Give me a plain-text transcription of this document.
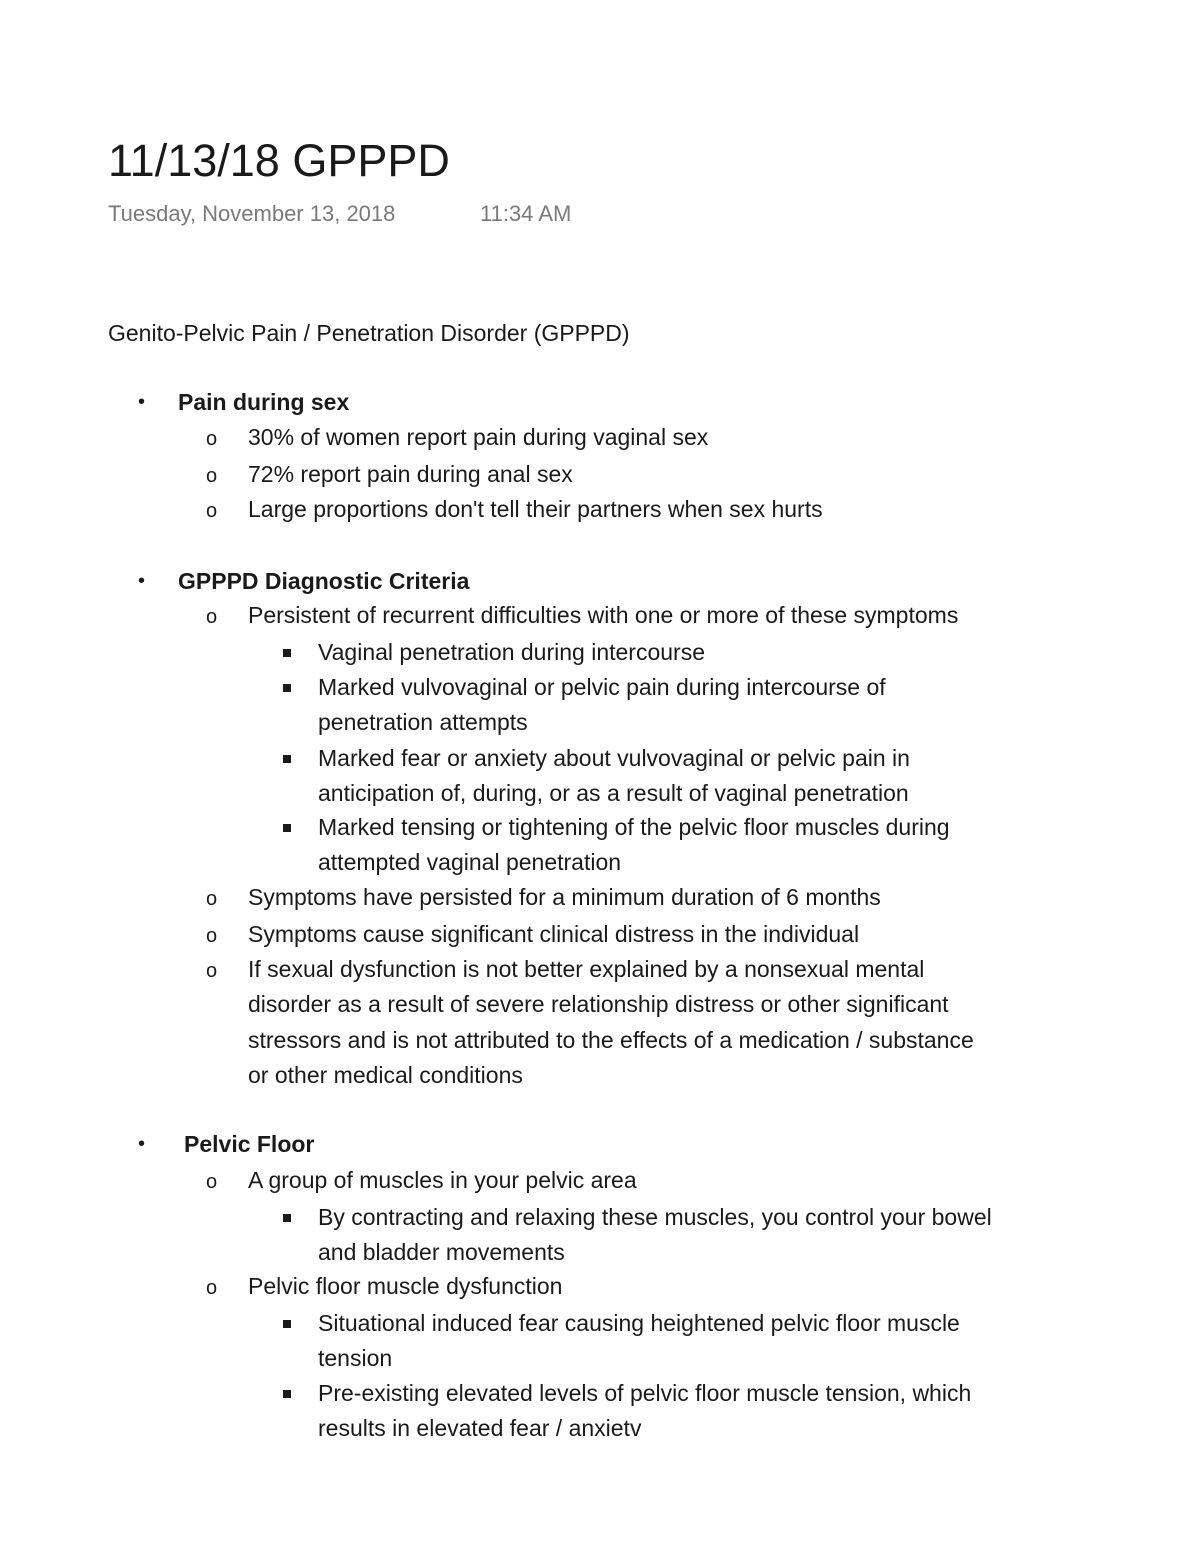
11/13/18 GPPPD
Tuesday, November 13, 2018	11:34 AM
Genito-Pelvic Pain / Penetration Disorder (GPPPD)
• Pain during sex
o 30% of women report pain during vaginal sex
o 72% report pain during anal sex
o Large proportions don't tell their partners when sex hurts
• GPPPD Diagnostic Criteria
o Persistent of recurrent difficulties with one or more of these symptoms
Vaginal penetration during intercourse
Marked vulvovaginal or pelvic pain during intercourse of
penetration attempts
Marked fear or anxiety about vulvovaginal or pelvic pain in
anticipation of, during, or as a result of vaginal penetration
Marked tensing or tightening of the pelvic floor muscles during
attempted vaginal penetration
o Symptoms have persisted for a minimum duration of 6 months
o Symptoms cause significant clinical distress in the individual
o If sexual dysfunction is not better explained by a nonsexual mental
disorder as a result of severe relationship distress or other significant
stressors and is not attributed to the effects of a medication / substance
or other medical conditions
• Pelvic Floor
o A group of muscles in your pelvic area
By contracting and relaxing these muscles, you control your bowel
and bladder movements
o Pelvic floor muscle dysfunction
Situational induced fear causing heightened pelvic floor muscle
tension
Pre-existing elevated levels of pelvic floor muscle tension, which
results in elevated fear / anxietv
